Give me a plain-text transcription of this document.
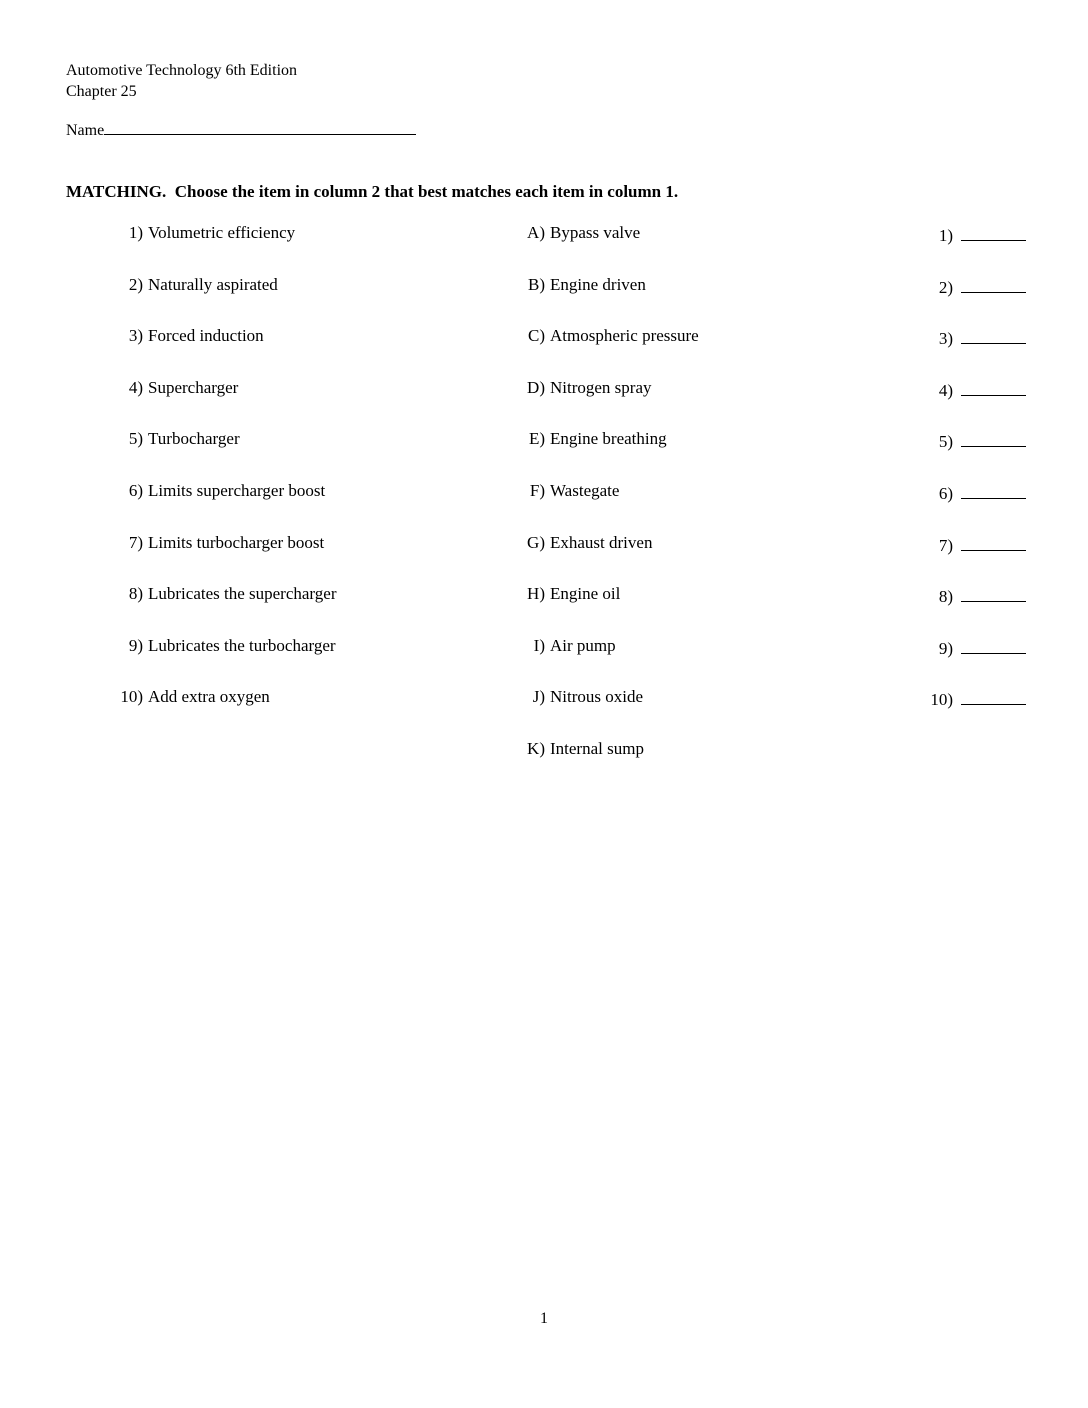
Automotive Technology 6th Edition
Chapter 25
Name
MATCHING.  Choose the item in column 2 that best matches each item in column 1.
1) Volumetric efficiency	A) Bypass valve	1)
2) Naturally aspirated	B) Engine driven	2)
3) Forced induction	C) Atmospheric pressure	3)
4) Supercharger	D) Nitrogen spray	4)
5) Turbocharger	E) Engine breathing	5)
6) Limits supercharger boost	F) Wastegate	6)
7) Limits turbocharger boost	G) Exhaust driven	7)
8) Lubricates the supercharger	H) Engine oil	8)
9) Lubricates the turbocharger	I) Air pump	9)
10) Add extra oxygen	J) Nitrous oxide	10)
K) Internal sump
1
